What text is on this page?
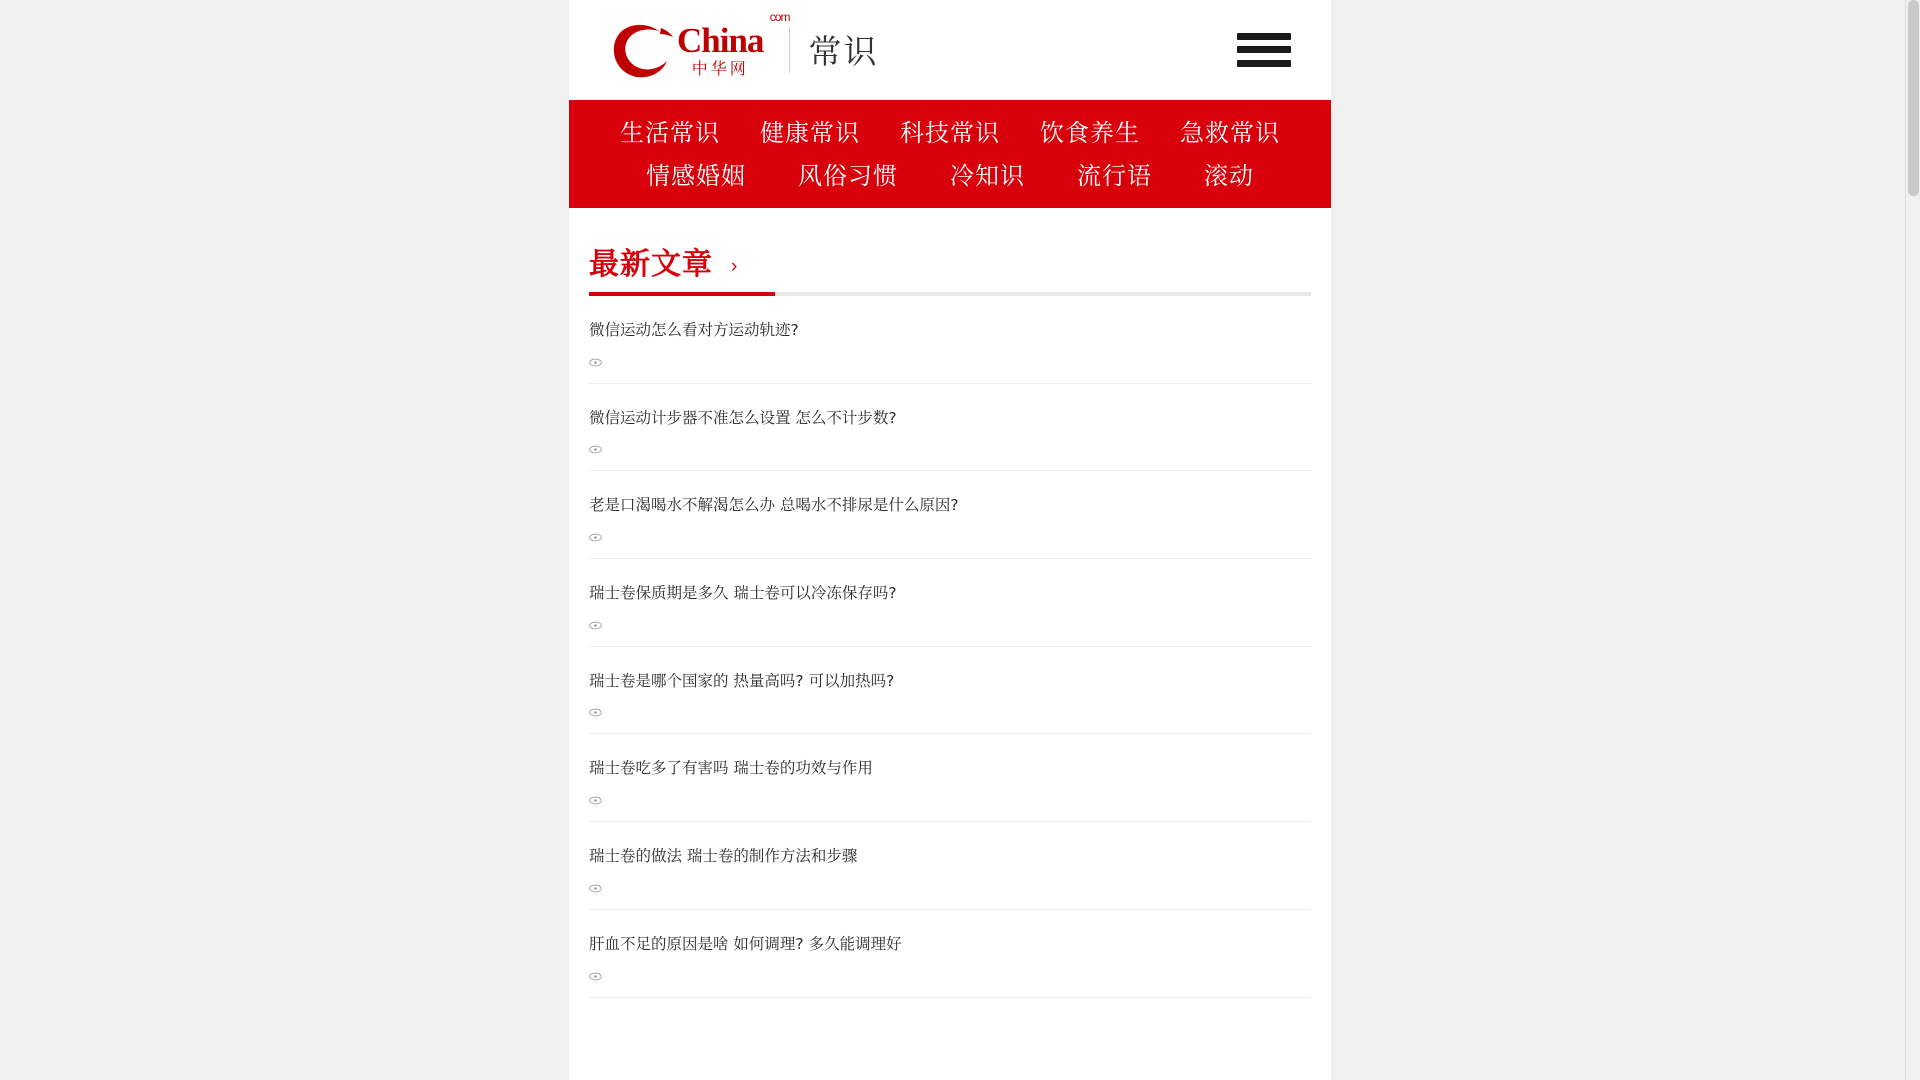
China
com
中华网	常识
生活常识	健康常识	科技常识	饮食养生	急救常识
情感婚姻	风俗习惯	冷知识	流行语	滚动
最新文章 ›
微信运动怎么看对方运动轨迹?
微信运动计步器不准怎么设置 怎么不计步数?
老是口渴喝水不解渴怎么办 总喝水不排尿是什么原因?
瑞士卷保质期是多久 瑞士卷可以冷冻保存吗?
瑞士卷是哪个国家的 热量高吗? 可以加热吗?
瑞士卷吃多了有害吗 瑞士卷的功效与作用
瑞士卷的做法 瑞士卷的制作方法和步骤
肝血不足的原因是啥 如何调理? 多久能调理好
